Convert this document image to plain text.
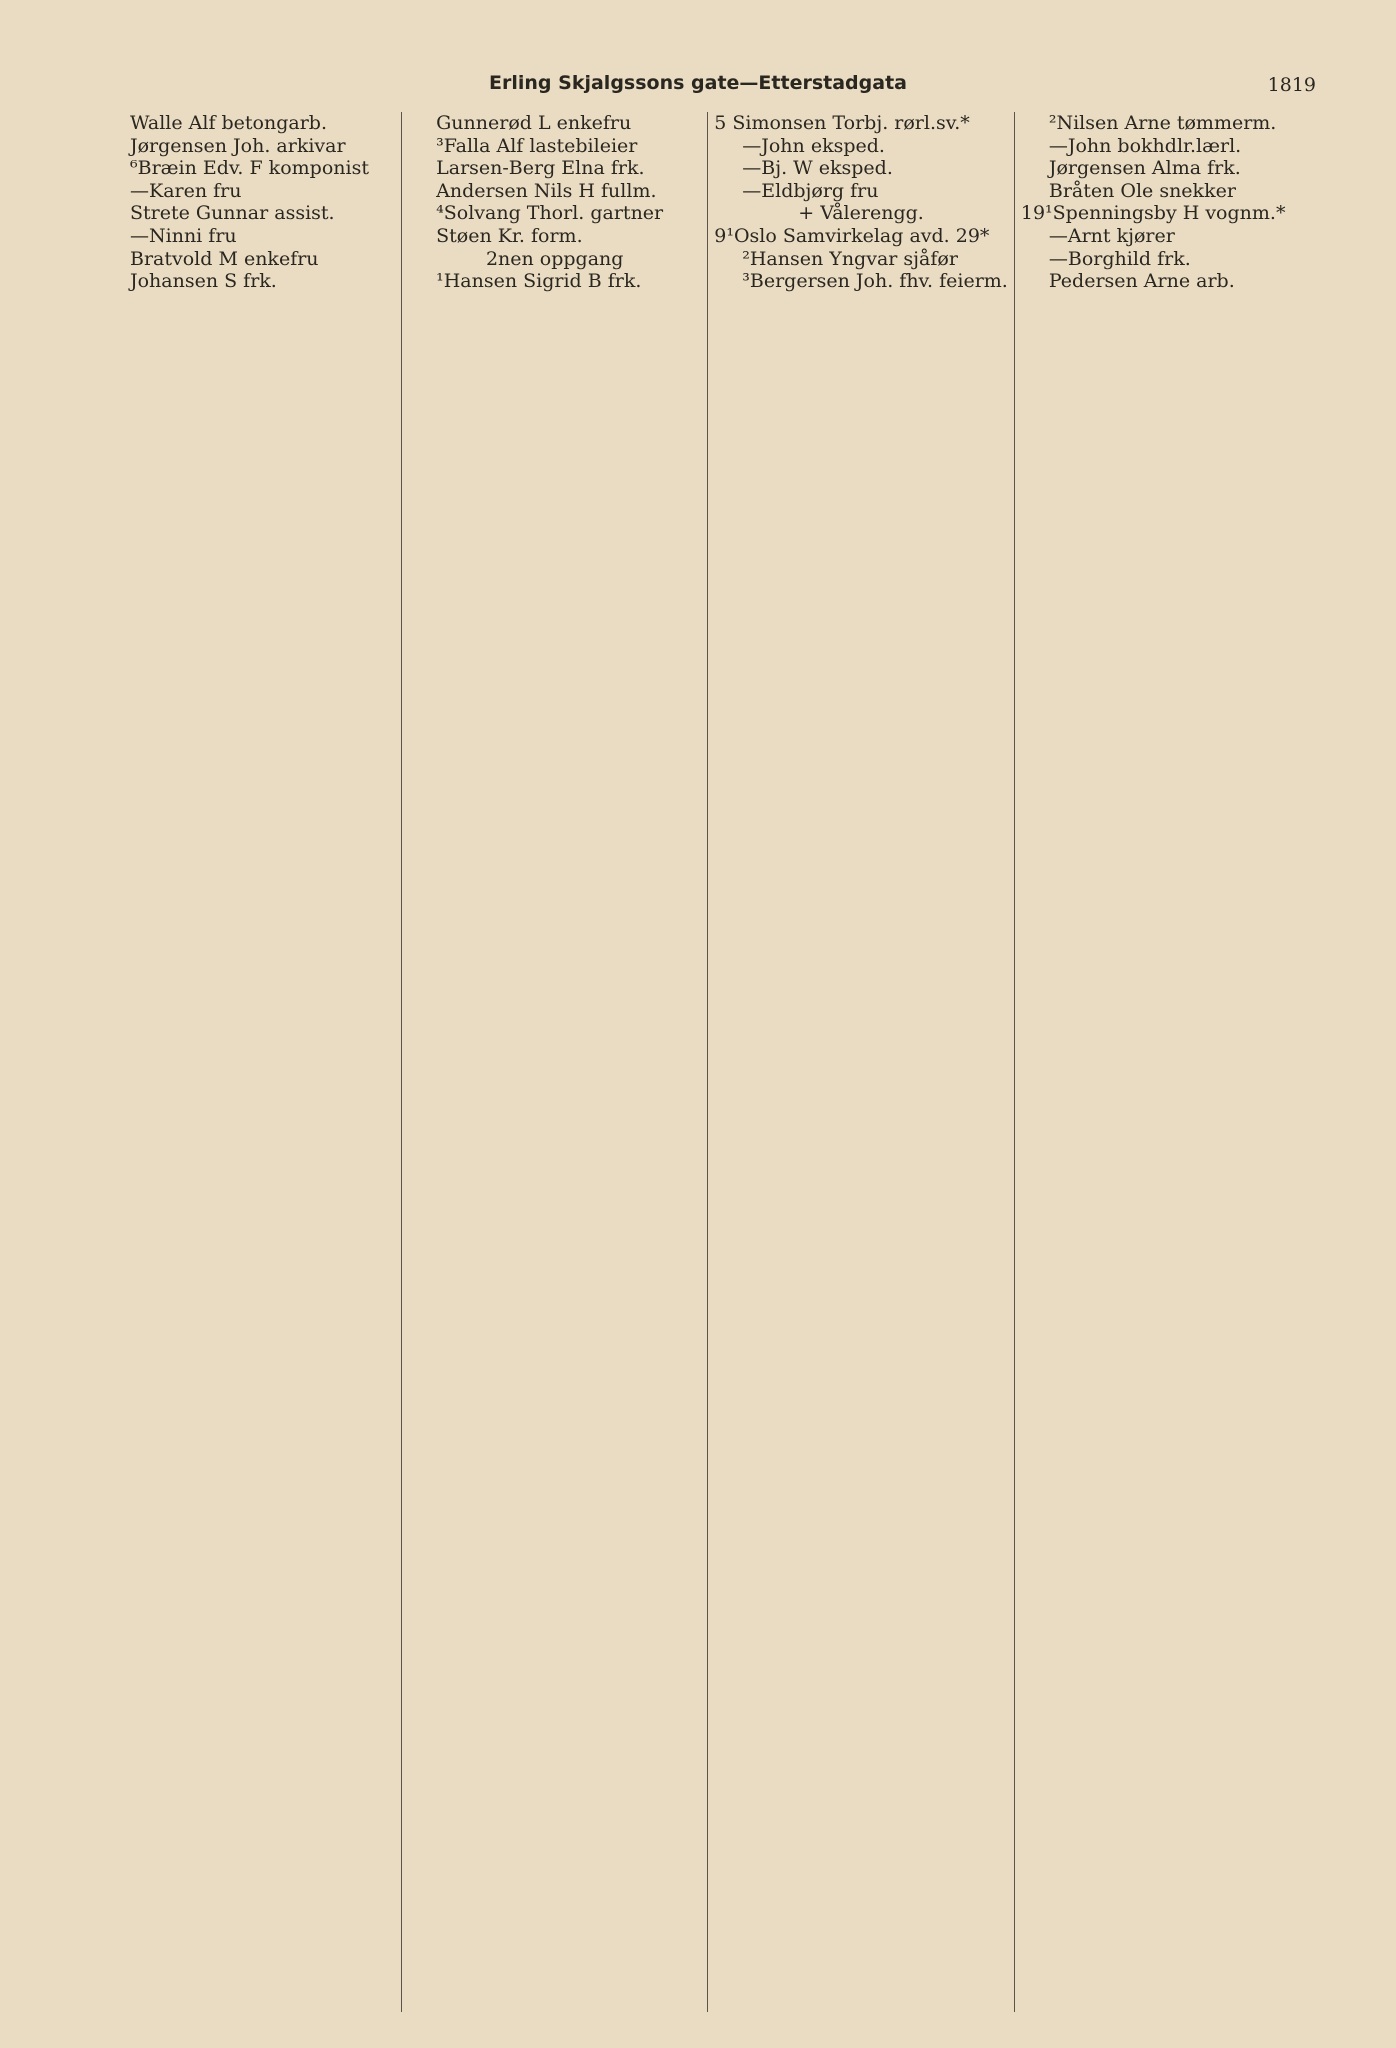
Erling Skjalgssons gate—Etterstadgata	1819
Walle Alf betongarb.
Jørgensen Joh. arkivar
⁶Bræin Edv. F komponist
—Karen fru
Strete Gunnar assist.
—Ninni fru
Bratvold M enkefru
Johansen S frk.
Gunnerød L enkefru
³Falla Alf lastebileier
Larsen-Berg Elna frk.
Andersen Nils H fullm.
⁴Solvang Thorl. gartner
Støen Kr. form.
2nen oppgang
¹Hansen Sigrid B frk.
5 Simonsen Torbj. rørl.sv.*
—John eksped.
—Bj. W eksped.
—Eldbjørg fru
+ Vålerengg.
9¹Oslo Samvirkelag avd. 29*
²Hansen Yngvar sjåfør
³Bergersen Joh. fhv. feierm.
²Nilsen Arne tømmerm.
—John bokhdlr.lærl.
Jørgensen Alma frk.
Bråten Ole snekker
19¹Spenningsby H vognm.*
—Arnt kjører
—Borghild frk.
Pedersen Arne arb.
